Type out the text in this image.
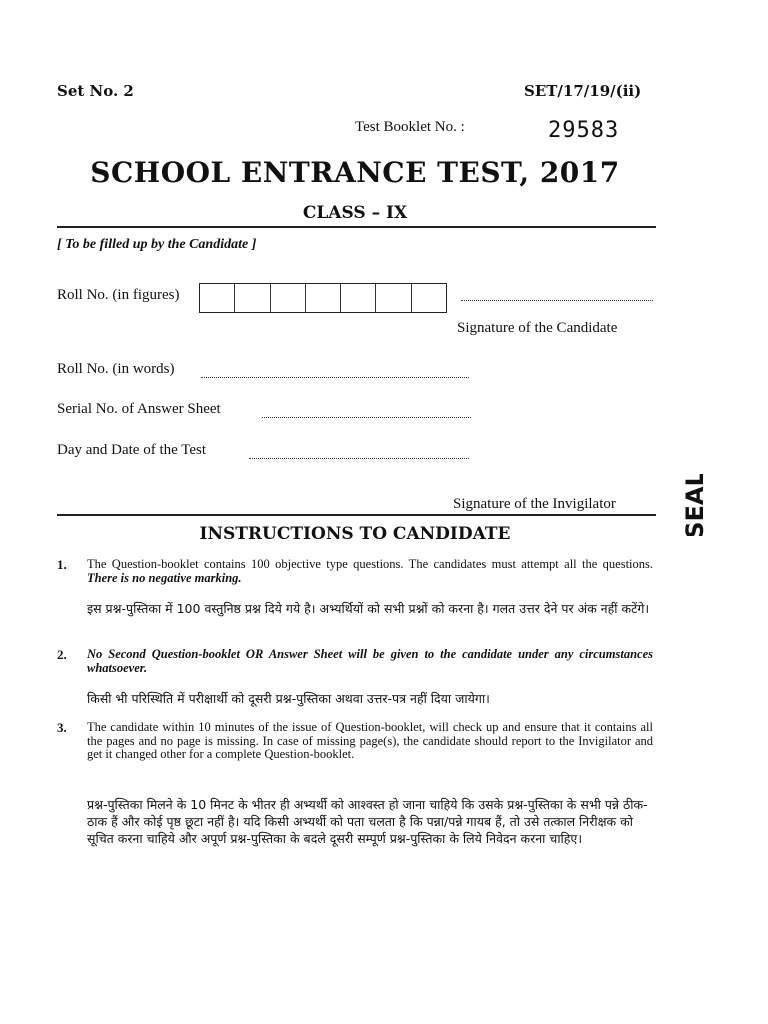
Set No. 2	SET/17/19/(ii)
Test Booklet No. :	29583
SCHOOL ENTRANCE TEST, 2017
CLASS – IX
[ To be filled up by the Candidate ]
Roll No. (in figures)
Signature of the Candidate
Roll No. (in words)
Serial No. of Answer Sheet
Day and Date of the Test
Signature of the Invigilator	SEAL
INSTRUCTIONS TO CANDIDATE
1. The Question-booklet contains 100 objective type questions. The candidates must attempt all the questions. There is no negative marking.
इस प्रश्न-पुस्तिका में 100 वस्तुनिष्ठ प्रश्न दिये गये है। अभ्यर्थियों को सभी प्रश्नों को करना है। गलत उत्तर देने पर अंक नहीं कटेंगे।
2. No Second Question-booklet OR Answer Sheet will be given to the candidate under any circumstances whatsoever.
किसी भी परिस्थिति में परीक्षार्थी को दूसरी प्रश्न-पुस्तिका अथवा उत्तर-पत्र नहीं दिया जायेगा।
3. The candidate within 10 minutes of the issue of Question-booklet, will check up and ensure that it contains all the pages and no page is missing. In case of missing page(s), the candidate should report to the Invigilator and get it changed other for a complete Question-booklet.
प्रश्न-पुस्तिका मिलने के 10 मिनट के भीतर ही अभ्यर्थी को आश्वस्त हो जाना चाहिये कि उसके प्रश्न-पुस्तिका के सभी पन्ने ठीक-ठाक हैं और कोई पृष्ठ छूटा नहीं है। यदि किसी अभ्यर्थी को पता चलता है कि पन्ना/पन्ने गायब हैं, तो उसे तत्काल निरीक्षक को सूचित करना चाहिये और अपूर्ण प्रश्न-पुस्तिका के बदले दूसरी सम्पूर्ण प्रश्न-पुस्तिका के लिये निवेदन करना चाहिए।
